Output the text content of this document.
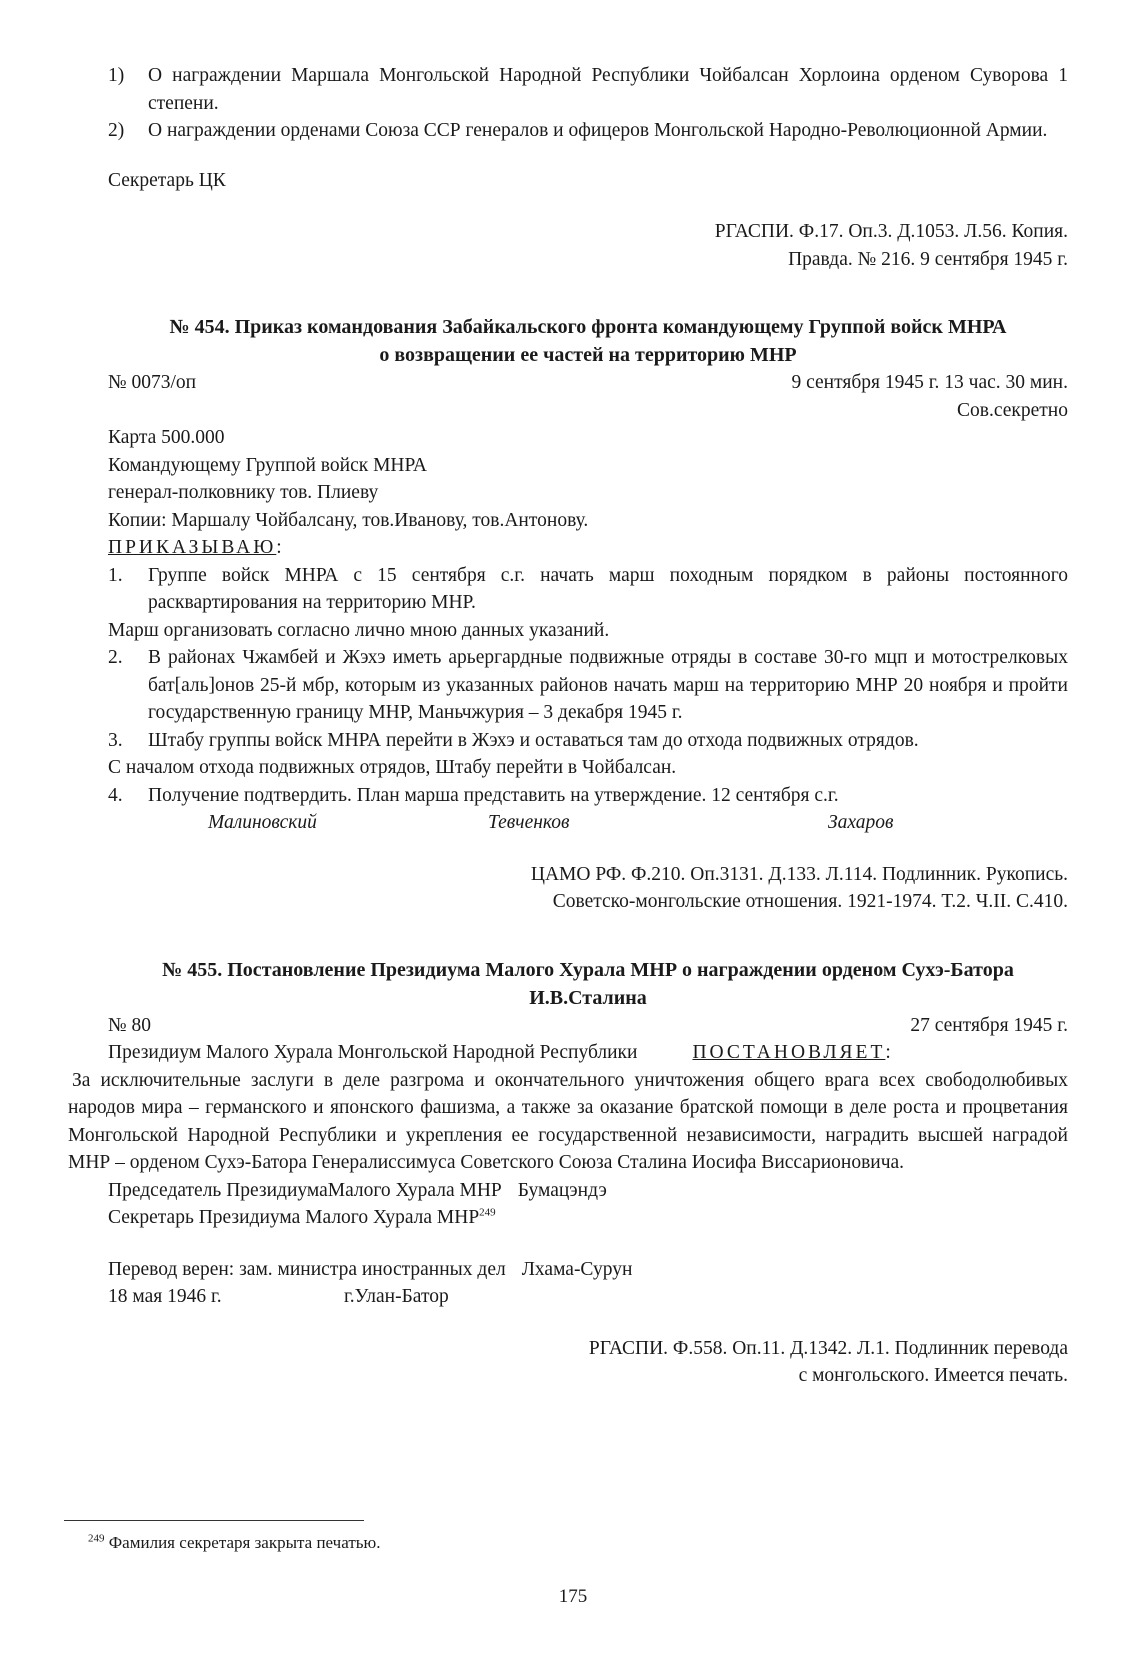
1)	О награждении Маршала Монгольской Народной Республики Чойбалсан Хорлоина орденом Суворова 1 степени.
2)	О награждении орденами Союза ССР генералов и офицеров Монгольской Народно-Революционной Армии.

Секретарь ЦК

РГАСПИ. Ф.17. Оп.3. Д.1053. Л.56. Копия.

Правда. № 216. 9 сентября 1945 г.

№ 454. Приказ командования Забайкальского фронта командующему Группой войск МНРА

о возвращении ее частей на территорию МНР

№ 0073/оп	9 сентября 1945 г. 13 час. 30 мин.

Сов.секретно

Карта 500.000

Командующему Группой войск МНРА

генерал-полковнику тов. Плиеву

Копии: Маршалу Чойбалсану, тов.Иванову, тов.Антонову.

ПРИКАЗЫВАЮ:

1.	Группе войск МНРА с 15 сентября с.г. начать марш походным порядком в районы постоянного расквартирования на территорию МНР.

Марш организовать согласно лично мною данных указаний.

2.	В районах Чжамбей и Жэхэ иметь арьергардные подвижные отряды в составе 30-го мцп и мотострелковых бат[аль]онов 25-й мбр, которым из указанных районов начать марш на территорию МНР 20 ноября и пройти государственную границу МНР, Маньчжурия – 3 декабря 1945 г.
3.	Штабу группы войск МНРА перейти в Жэхэ и оставаться там до отхода подвижных отрядов.

С началом отхода подвижных отрядов, Штабу перейти в Чойбалсан.

4.	Получение подтвердить. План марша представить на утверждение. 12 сентября с.г.
Малиновский	Тевченков	Захаров

ЦАМО РФ. Ф.210. Оп.3131. Д.133. Л.114. Подлинник. Рукопись.

Советско-монгольские отношения. 1921-1974. Т.2. Ч.II. С.410.

№ 455. Постановление Президиума Малого Хурала МНР о награждении орденом Сухэ-Батора

И.В.Сталина

№ 80	27 сентября 1945 г.
Президиум Малого Хурала Монгольской Народной Республики	ПОСТАНОВЛЯЕТ:

За исключительные заслуги в деле разгрома и окончательного уничтожения общего врага всех свободолюбивых народов мира – германского и японского фашизма, а также за оказание братской помощи в деле роста и процветания Монгольской Народной Республики и укрепления ее государственной независимости, наградить высшей наградой МНР – орденом Сухэ-Батора Генералиссимуса Советского Союза Сталина Иосифа Виссарионовича.

Председатель ПрезидиумаМалого Хурала МНР Бумацэндэ

Секретарь Президиума Малого Хурала МНР$^{249}$

Перевод верен: зам. министра иностранных дел Лхама-Сурун

18 мая 1946 г.	г.Улан-Батор

РГАСПИ. Ф.558. Оп.11. Д.1342. Л.1. Подлинник перевода

с монгольского. Имеется печать.

$^{249}$ Фамилия секретаря закрыта печатью.

175
